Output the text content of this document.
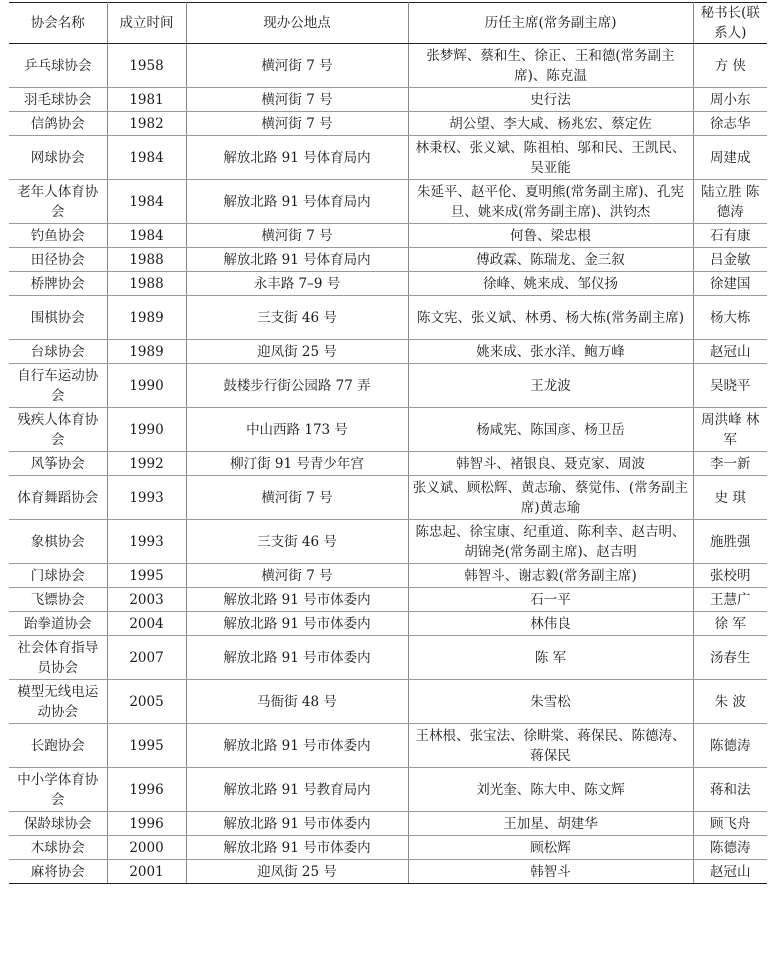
协会名称	成立时间	现办公地点	历任主席(常务副主席)	秘书长(联系人)
乒乓球协会	1958	横河街 7 号	张梦辉、蔡和生、徐正、王和德(常务副主席)、陈克温	方 侠
羽毛球协会	1981	横河街 7 号	史行法	周小东
信鸽协会	1982	横河街 7 号	胡公望、李大咸、杨兆宏、蔡定佐	徐志华
网球协会	1984	解放北路 91 号体育局内	林秉权、张义斌、陈祖柏、邬和民、王凯民、吴亚能	周建成
老年人体育协会	1984	解放北路 91 号体育局内	朱延平、赵平伦、夏明熊(常务副主席)、孔宪旦、姚来成(常务副主席)、洪钧杰	陆立胜 陈德涛
钓鱼协会	1984	横河街 7 号	何鲁、梁忠根	石有康
田径协会	1988	解放北路 91 号体育局内	傅政霖、陈瑞龙、金三叙	吕金敏
桥牌协会	1988	永丰路 7–9 号	徐峰、姚来成、邹仪扬	徐建国
围棋协会	1989	三支街 46 号	陈文宪、张义斌、林勇、杨大栋(常务副主席)	杨大栋
台球协会	1989	迎凤街 25 号	姚来成、张水洋、鲍万峰	赵冠山
自行车运动协会	1990	鼓楼步行街公园路 77 弄	王龙波	吴晓平
残疾人体育协会	1990	中山西路 173 号	杨咸宪、陈国彦、杨卫岳	周洪峰 林 军
风筝协会	1992	柳汀街 91 号青少年宫	韩智斗、褚银良、聂克家、周波	李一新
体育舞蹈协会	1993	横河街 7 号	张义斌、顾松辉、黄志瑜、蔡觉伟、(常务副主席)黄志瑜	史 琪
象棋协会	1993	三支街 46 号	陈忠起、徐宝康、纪重道、陈利幸、赵吉明、胡锦尧(常务副主席)、赵吉明	施胜强
门球协会	1995	横河街 7 号	韩智斗、谢志毅(常务副主席)	张校明
飞镖协会	2003	解放北路 91 号市体委内	石一平	王慧广
跆拳道协会	2004	解放北路 91 号市体委内	林伟良	徐 军
社会体育指导员协会	2007	解放北路 91 号市体委内	陈 军	汤春生
模型无线电运动协会	2005	马衙街 48 号	朱雪松	朱 波
长跑协会	1995	解放北路 91 号市体委内	王林根、张宝法、徐畊棠、蒋保民、陈德涛、蒋保民	陈德涛
中小学体育协会	1996	解放北路 91 号教育局内	刘光奎、陈大申、陈文辉	蒋和法
保龄球协会	1996	解放北路 91 号市体委内	王加星、胡建华	顾飞舟
木球协会	2000	解放北路 91 号市体委内	顾松辉	陈德涛
麻将协会	2001	迎凤街 25 号	韩智斗	赵冠山
